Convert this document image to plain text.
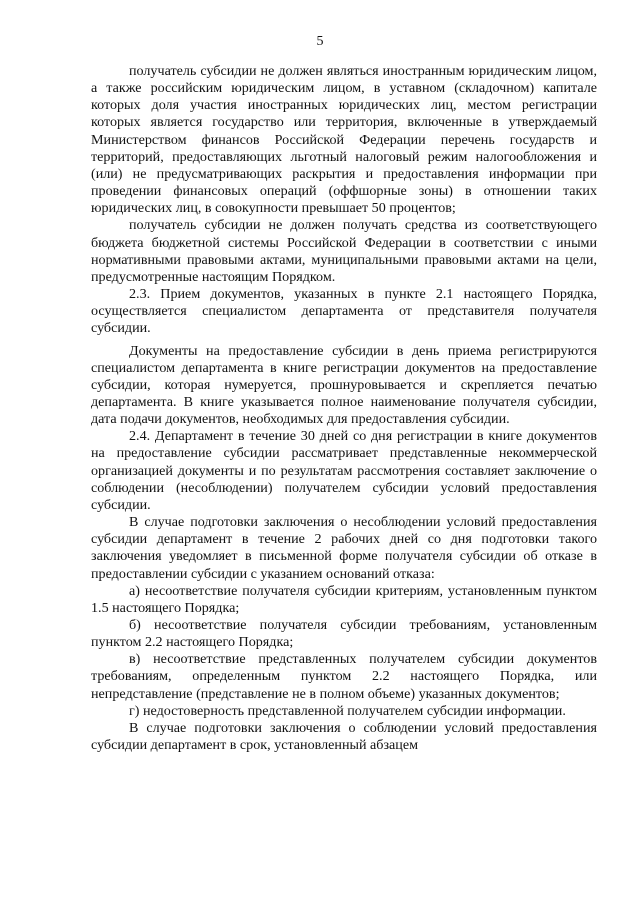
5

получатель субсидии не должен являться иностранным юридическим лицом, а также российским юридическим лицом, в уставном (складочном) капитале которых доля участия иностранных юридических лиц, местом регистрации которых является государство или территория, включенные в утверждаемый Министерством финансов Российской Федерации перечень государств и территорий, предоставляющих льготный налоговый режим налогообложения и (или) не предусматривающих раскрытия и предоставления информации при проведении финансовых операций (оффшорные зоны) в отношении таких юридических лиц, в совокупности превышает 50 процентов;

получатель субсидии не должен получать средства из соответствующего бюджета бюджетной системы Российской Федерации в соответствии с иными нормативными правовыми актами, муниципальными правовыми актами на цели, предусмотренные настоящим Порядком.

2.3. Прием документов, указанных в пункте 2.1 настоящего Порядка, осуществляется специалистом департамента от представителя получателя субсидии.

Документы на предоставление субсидии в день приема регистрируются специалистом департамента в книге регистрации документов на предоставление субсидии, которая нумеруется, прошнуровывается и скрепляется печатью департамента. В книге указывается полное наименование получателя субсидии, дата подачи документов, необходимых для предоставления субсидии.

2.4. Департамент в течение 30 дней со дня регистрации в книге документов на предоставление субсидии рассматривает представленные некоммерческой организацией документы и по результатам рассмотрения составляет заключение о соблюдении (несоблюдении) получателем субсидии условий предоставления субсидии.

В случае подготовки заключения о несоблюдении условий предоставления субсидии департамент в течение 2 рабочих дней со дня подготовки такого заключения уведомляет в письменной форме получателя субсидии об отказе в предоставлении субсидии с указанием оснований отказа:

а) несоответствие получателя субсидии критериям, установленным пунктом 1.5 настоящего Порядка;

б) несоответствие получателя субсидии требованиям, установленным пунктом 2.2 настоящего Порядка;

в) несоответствие представленных получателем субсидии документов требованиям, определенным пунктом 2.2 настоящего Порядка, или непредставление (представление не в полном объеме) указанных документов;

г) недостоверность представленной получателем субсидии информации.

В случае подготовки заключения о соблюдении условий предоставления субсидии департамент в срок, установленный абзацем
